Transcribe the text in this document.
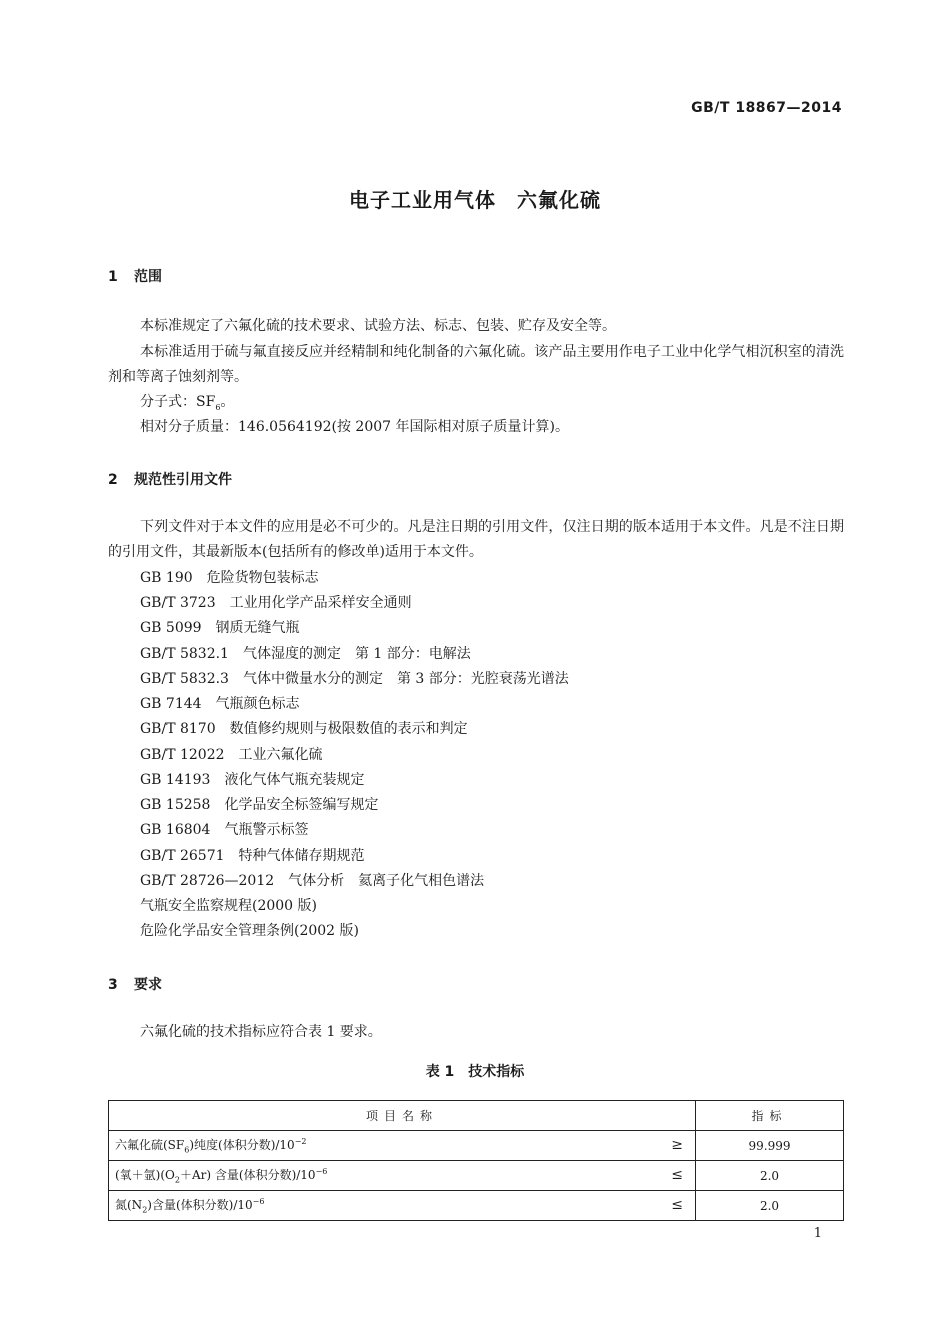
GB/T 18867—2014
电子工业用气体　六氟化硫
1 范围
本标准规定了六氟化硫的技术要求、试验方法、标志、包装、贮存及安全等。
本标准适用于硫与氟直接反应并经精制和纯化制备的六氟化硫。该产品主要用作电子工业中化学气相沉积室的清洗剂和等离子蚀刻剂等。
分子式：$SF_6$。
相对分子质量：146.0564192(按 2007 年国际相对原子质量计算)。
2 规范性引用文件
下列文件对于本文件的应用是必不可少的。凡是注日期的引用文件，仅注日期的版本适用于本文件。凡是不注日期的引用文件，其最新版本(包括所有的修改单)适用于本文件。
GB 190　危险货物包装标志
GB/T 3723　工业用化学产品采样安全通则
GB 5099　钢质无缝气瓶
GB/T 5832.1　气体湿度的测定　第 1 部分：电解法
GB/T 5832.3　气体中微量水分的测定　第 3 部分：光腔衰荡光谱法
GB 7144　气瓶颜色标志
GB/T 8170　数值修约规则与极限数值的表示和判定
GB/T 12022　工业六氟化硫
GB 14193　液化气体气瓶充装规定
GB 15258　化学品安全标签编写规定
GB 16804　气瓶警示标签
GB/T 26571　特种气体储存期规范
GB/T 28726—2012　气体分析　氦离子化气相色谱法
气瓶安全监察规程(2000 版)
危险化学品安全管理条例(2002 版)
3 要求
六氟化硫的技术指标应符合表 1 要求。
表 1　技术指标
项目名称	指标
六氟化硫$(SF_6)$纯度(体积分数)$/10^{-2}$ ≥	99.999
(氧＋氩)$(O_2+Ar)$ 含量(体积分数)$/10^{-6}$ ≤	2.0
氮$(N_2)$含量(体积分数)$/10^{-6}$ ≤	2.0
1
